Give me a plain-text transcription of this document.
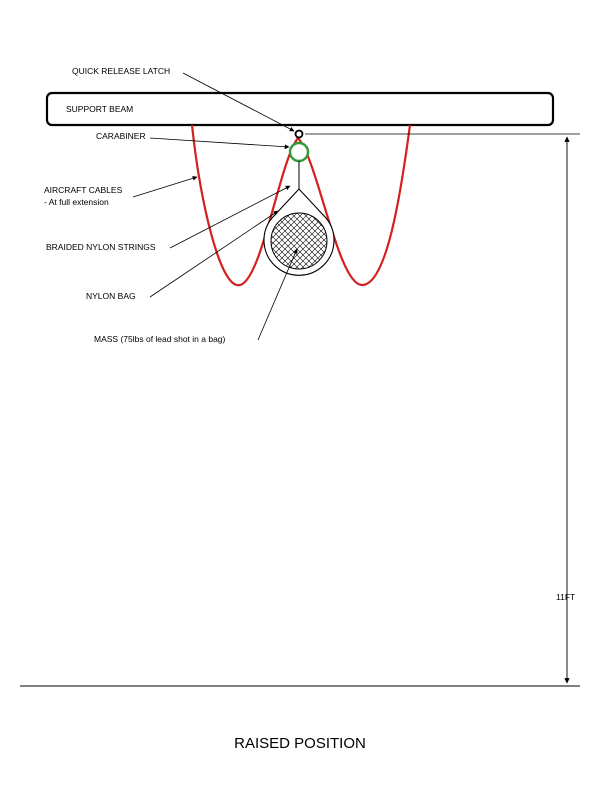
QUICK RELEASE LATCH
SUPPORT BEAM
CARABINER
AIRCRAFT CABLES
- At full extension
BRAIDED NYLON STRINGS
NYLON BAG
MASS (75lbs of lead shot in a bag)
11FT
RAISED POSITION
